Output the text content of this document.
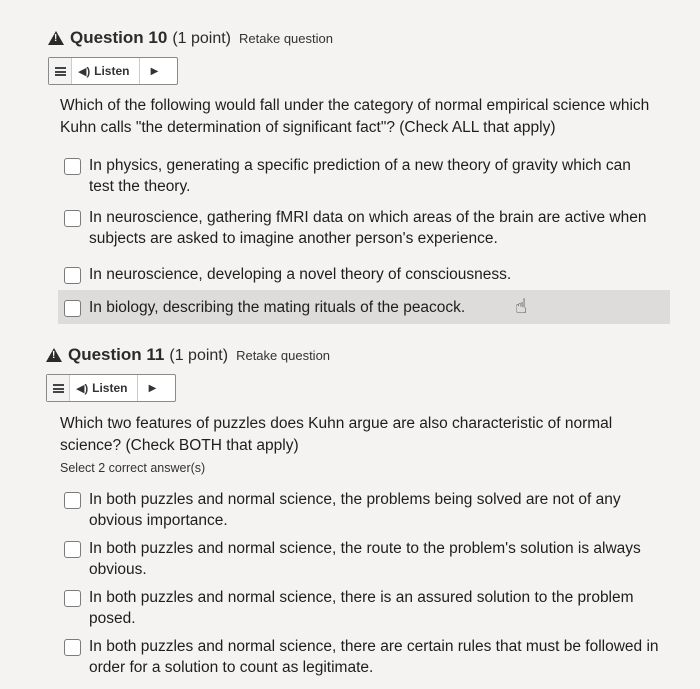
!
Question 10 (1 point) Retake question
◀) Listen	▶
Which of the following would fall under the category of normal empirical science which Kuhn calls "the determination of significant fact"? (Check ALL that apply)
In physics, generating a specific prediction of a new theory of gravity which can test the theory.
In neuroscience, gathering fMRI data on which areas of the brain are active when subjects are asked to imagine another person's experience.
In neuroscience, developing a novel theory of consciousness.
In biology, describing the mating rituals of the peacock. ☝
!
Question 11 (1 point) Retake question
◀) Listen	▶
Which two features of puzzles does Kuhn argue are also characteristic of normal science? (Check BOTH that apply)
Select 2 correct answer(s)
In both puzzles and normal science, the problems being solved are not of any obvious importance.
In both puzzles and normal science, the route to the problem's solution is always obvious.
In both puzzles and normal science, there is an assured solution to the problem posed.
In both puzzles and normal science, there are certain rules that must be followed in order for a solution to count as legitimate.
